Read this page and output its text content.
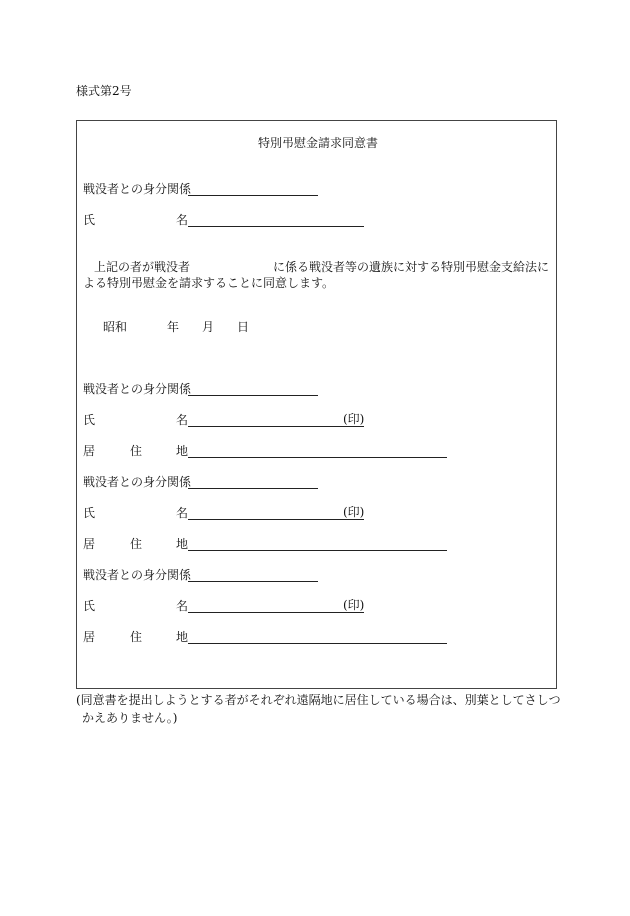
様式第2号
特別弔慰金請求同意書
戦没者との身分関係
氏	名
上記の者が戦没者	に係る戦没者等の遺族に対する特別弔慰金支給法に
よる特別弔慰金を請求することに同意します。
昭和	年 月 日
戦没者との身分関係
氏	名	(印)
居	住	地
戦没者との身分関係
氏	名	(印)
居	住	地
戦没者との身分関係
氏	名	(印)
居	住	地
(同意書を提出しようとする者がそれぞれ遠隔地に居住している場合は、別葉としてさしつ
かえありません。)
